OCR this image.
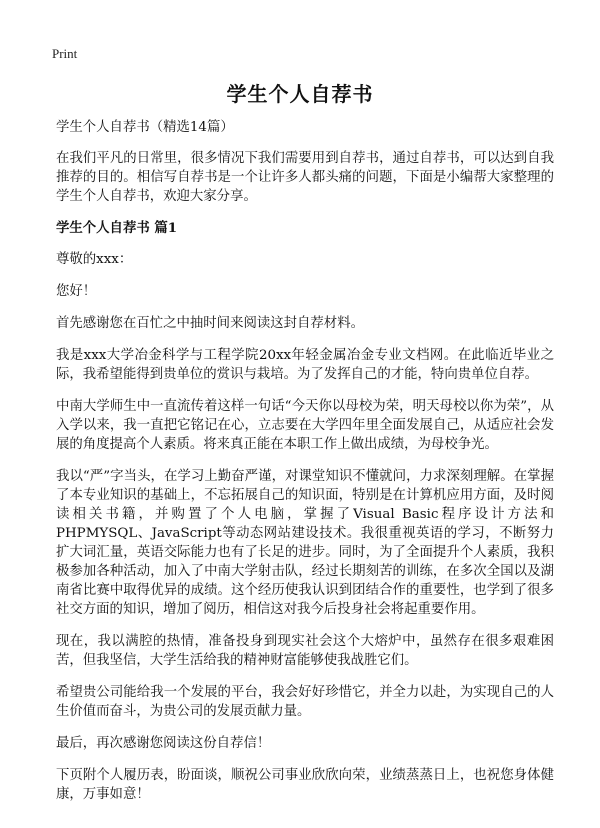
Print
学生个人自荐书

学生个人自荐书（精选14篇）

在我们平凡的日常里，很多情况下我们需要用到自荐书，通过自荐书，可以达到自我推荐的目的。相信写自荐书是一个让许多人都头痛的问题，下面是小编帮大家整理的学生个人自荐书，欢迎大家分享。

学生个人自荐书 篇1

尊敬的xxx：

您好！

首先感谢您在百忙之中抽时间来阅读这封自荐材料。

我是xxx大学冶金科学与工程学院20xx年轻金属冶金专业文档网。在此临近毕业之际，我希望能得到贵单位的赏识与栽培。为了发挥自己的才能，特向贵单位自荐。

中南大学师生中一直流传着这样一句话“今天你以母校为荣，明天母校以你为荣”，从入学以来，我一直把它铭记在心，立志要在大学四年里全面发展自己，从适应社会发展的角度提高个人素质。将来真正能在本职工作上做出成绩，为母校争光。

我以“严”字当头，在学习上勤奋严谨，对课堂知识不懂就问，力求深刻理解。在掌握了本专业知识的基础上，不忘拓展自己的知识面，特别是在计算机应用方面，及时阅读相关书籍，并购置了个人电脑，掌握了Visual Basic程序设计方法和PHPMYSQL、JavaScript等动态网站建设技术。我很重视英语的学习，不断努力扩大词汇量，英语交际能力也有了长足的进步。同时，为了全面提升个人素质，我积极参加各种活动，加入了中南大学射击队，经过长期刻苦的训练，在多次全国以及湖南省比赛中取得优异的成绩。这个经历使我认识到团结合作的重要性，也学到了很多社交方面的知识，增加了阅历，相信这对我今后投身社会将起重要作用。

现在，我以满腔的热情，准备投身到现实社会这个大熔炉中，虽然存在很多艰难困苦，但我坚信，大学生活给我的精神财富能够使我战胜它们。

希望贵公司能给我一个发展的平台，我会好好珍惜它，并全力以赴，为实现自己的人生价值而奋斗，为贵公司的发展贡献力量。

最后，再次感谢您阅读这份自荐信！

下页附个人履历表，盼面谈，顺祝公司事业欣欣向荣，业绩蒸蒸日上，也祝您身体健康，万事如意！
